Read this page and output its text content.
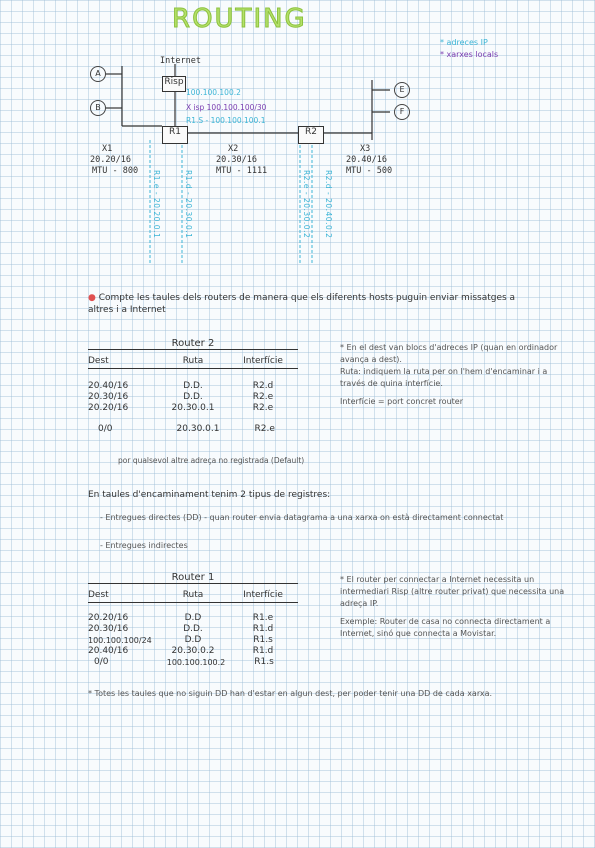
ROUTING
* adreces IP
* xarxes locals
Internet
Risp
A
B
E
F
R1	R2
100.100.100.2
X isp 100.100.100/30
R1.S - 100.100.100.1
X1
20.20/16
MTU - 800
X2
20.30/16
MTU - 1111
X3
20.40/16
MTU - 500
R1.e - 20.20.0.1	R1.d - 20.30.0.1	R2.e - 20.30.0.2 R2.d - 20.40.0.2
● Compte les taules dels routers de manera que els diferents hosts puguin enviar missatges a altres i a Internet
Router 2
Dest	Ruta	Interfície
20.40/16	D.D.	R2.d
20.30/16	D.D.	R2.e
20.20/16	20.30.0.1	R2.e
0/0	20.30.0.1	R2.e
por qualsevol altre adreça no registrada (Default)
* En el dest van blocs d'adreces IP (quan en ordinador avança a dest).
Ruta: indiquem la ruta per on l'hem d'encaminar i a través de quina interfície.
Interfície = port concret router
En taules d'encaminament tenim 2 tipus de registres:
- Entregues directes (DD) - quan router envia datagrama a una xarxa on està directament connectat
- Entregues indirectes
Router 1
Dest	Ruta	Interfície
20.20/16	D.D	R1.e
20.30/16	D.D.	R1.d
100.100.100/24	D.D	R1.s
20.40/16	20.30.0.2	R1.d
0/0	100.100.100.2	R1.s
* El router per connectar a Internet necessita un intermediari Risp (altre router privat) que necessita una adreça IP.
Exemple: Router de casa no connecta directament a Internet, sinó que connecta a Movistar.
* Totes les taules que no siguin DD han d'estar en algun dest, per poder tenir una DD de cada xarxa.
